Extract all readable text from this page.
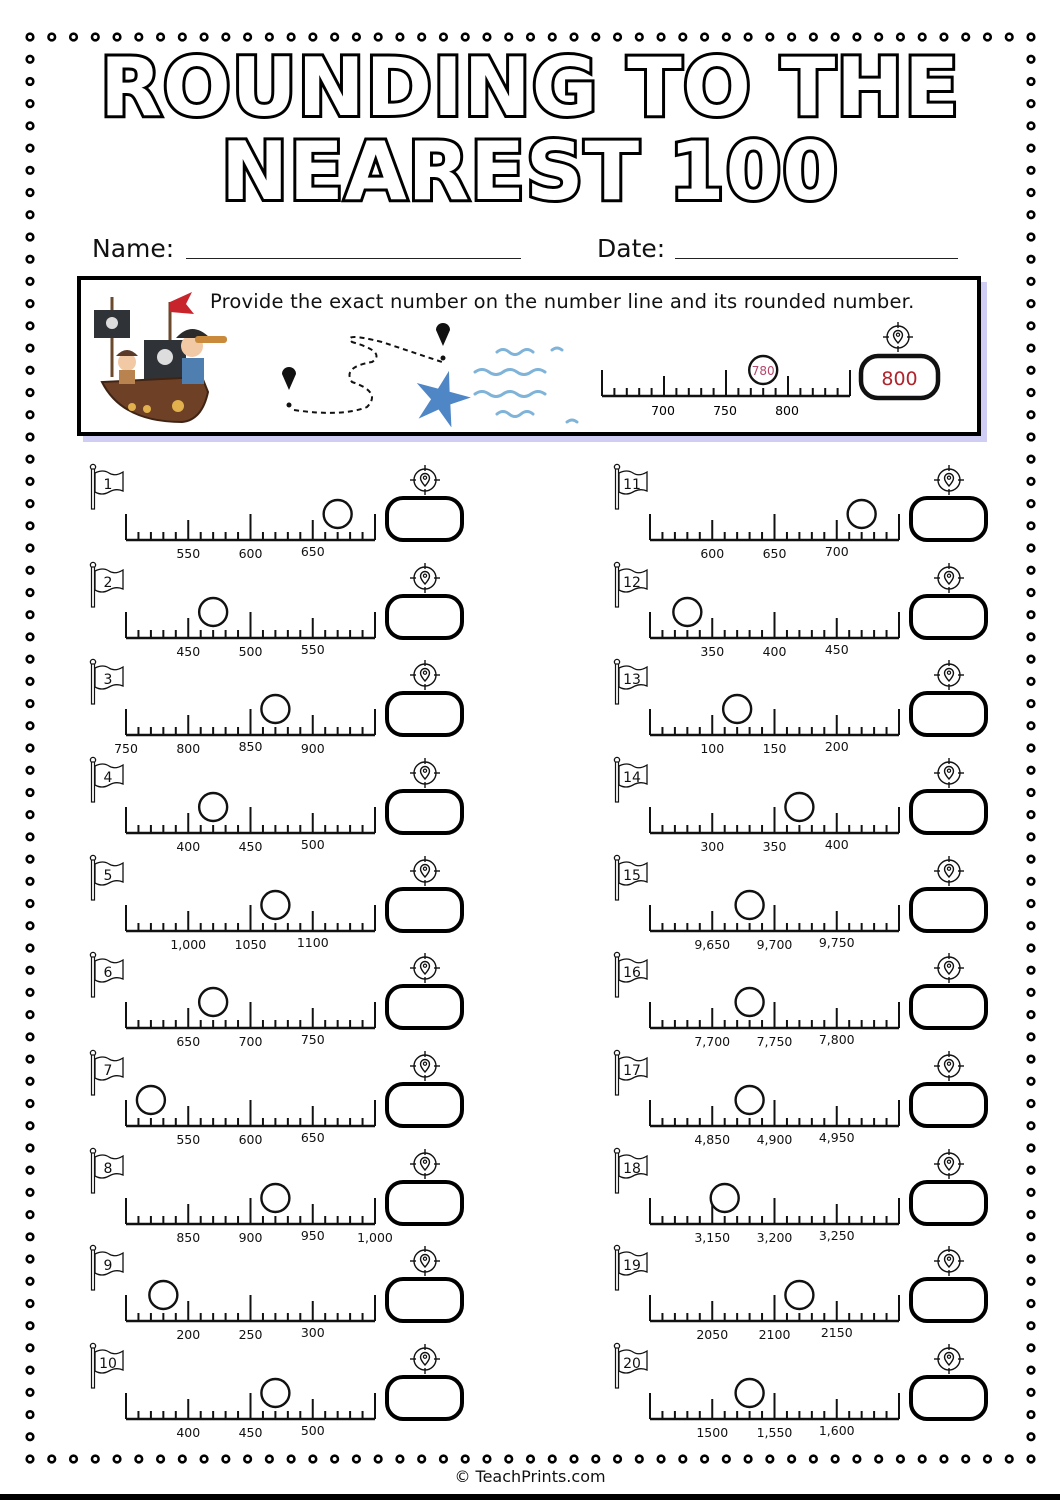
ROUNDING TO THE
NEAREST 100
Name:	Date:
Provide the exact number on the number line and its rounded number.
780
700	750	800
800
1
550	600	650
2
450	500	550
3
750	800	850	900
4
400	450	500
5
1,000 1050 1100
6
650	700	750
7
550	600	650
8
850	900	950	1,000
9
200	250	300
10
400	450	500
11
600	650	700
12
350	400	450
13
100	150	200
14
300	350	400
15
9,650 9,700 9,750
16
7,700 7,750 7,800
17
4,850 4,900 4,950
18
3,150 3,200 3,250
19
2050 2100 2150
20
1500 1,550 1,600
© TeachPrints.com
